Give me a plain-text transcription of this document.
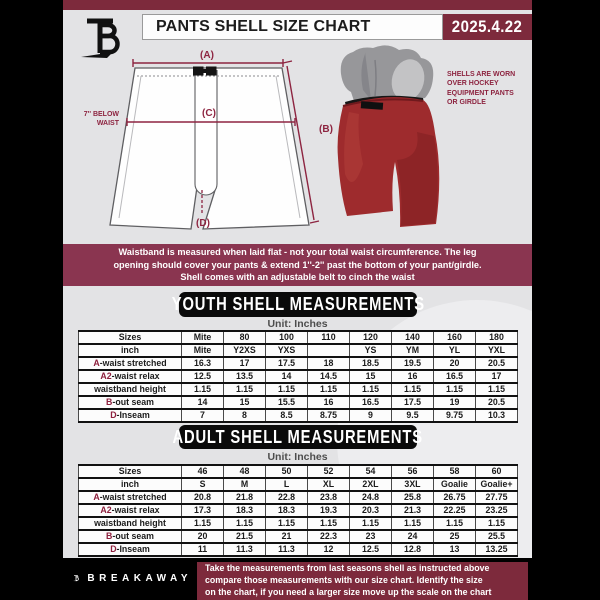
PANTS SHELL SIZE CHART	2025.4.22
(A)
(C)
(B)
(D)
7'' BELOW
WAIST
SHELLS ARE WORN OVER HOCKEY EQUIPMENT PANTS OR GIRDLE
Waistband is measured when laid flat - not your total waist circumference. The leg
opening should cover your pants & extend 1''-2'' past the bottom of your pant/girdle.
Shell comes with an adjustable belt to cinch the waist
YOUTH SHELL MEASUREMENTS
Unit: Inches
Sizes	Mite	80	100	110	120	140	160	180
inch	Mite	Y2XS	YXS		YS	YM	YL	YXL
A-waist stretched	16.3	17	17.5	18	18.5	19.5	20	20.5
A2-waist relax	12.5	13.5	14	14.5	15	16	16.5	17
waistband height	1.15	1.15	1.15	1.15	1.15	1.15	1.15	1.15
B-out seam	14	15	15.5	16	16.5	17.5	19	20.5
D-Inseam	7	8	8.5	8.75	9	9.5	9.75	10.3
ADULT SHELL MEASUREMENTS
Unit: Inches
Sizes	46	48	50	52	54	56	58	60
inch	S	M	L	XL	2XL	3XL	Goalie	Goalie+
A-waist stretched	20.8	21.8	22.8	23.8	24.8	25.8	26.75	27.75
A2-waist relax	17.3	18.3	18.3	19.3	20.3	21.3	22.25	23.25
waistband height	1.15	1.15	1.15	1.15	1.15	1.15	1.15	1.15
B-out seam	20	21.5	21	22.3	23	24	25	25.5
D-Inseam	11	11.3	11.3	12	12.5	12.8	13	13.25
BREAKAWAY
Take the measurements from last seasons shell as instructed above
compare those measurements with our size chart. Identify the size
on the chart, if you need a larger size move up the scale on the chart
